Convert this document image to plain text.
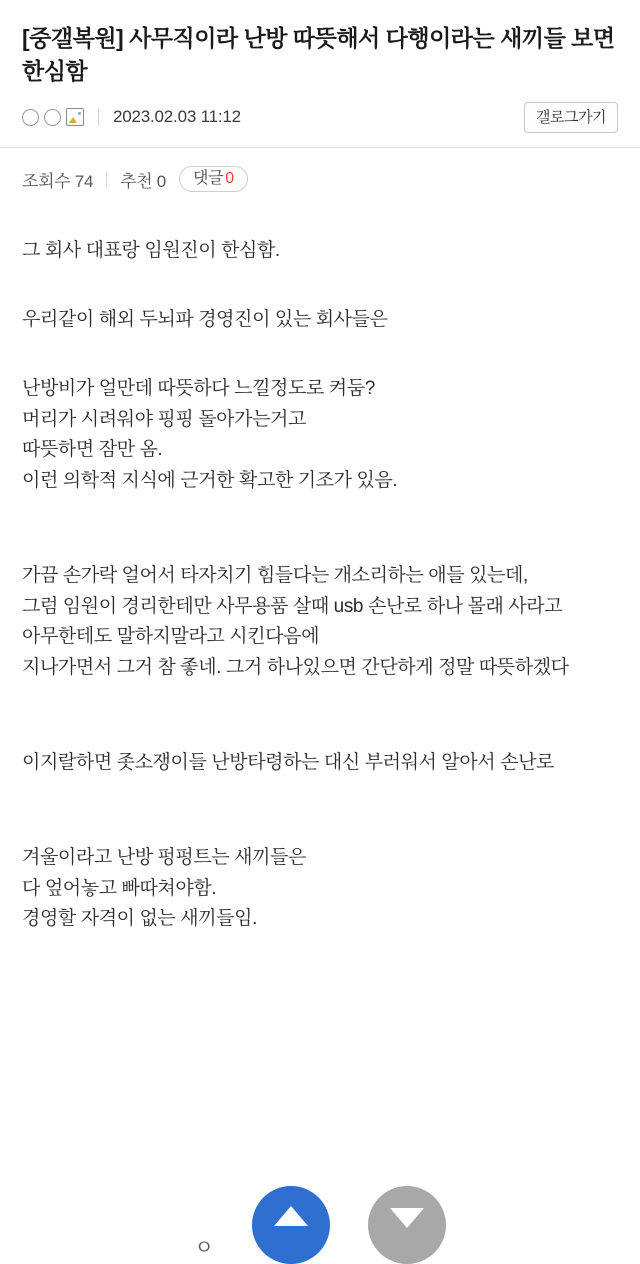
[중갤복원] 사무직이라 난방 따뜻해서 다행이라는 새끼들 보면 한심함
2023.02.03 11:12	갤로그가기
조회수 74 추천 0 댓글 0

그 회사 대표랑 임원진이 한심함.

우리같이 해외 두뇌파 경영진이 있는 회사들은

난방비가 얼만데 따뜻하다 느낄정도로 켜둠?
머리가 시려워야 핑핑 돌아가는거고
따뜻하면 잠만 옴.
이런 의학적 지식에 근거한 확고한 기조가 있음.
가끔 손가락 얼어서 타자치기 힘들다는 개소리하는 애들 있는데,
그럼 임원이 경리한테만 사무용품 살때 usb 손난로 하나 몰래 사라고
아무한테도 말하지말라고 시킨다음에
지나가면서 그거 참 좋네. 그거 하나있으면 간단하게 정말 따뜻하겠다

이지랄하면 좃소쟁이들 난방타령하는 대신 부러워서 알아서 손난로

겨울이라고 난방 펑펑트는 새끼들은
다 엎어놓고 빠따쳐야함.
경영할 자격이 없는 새끼들임.
ㅇ
